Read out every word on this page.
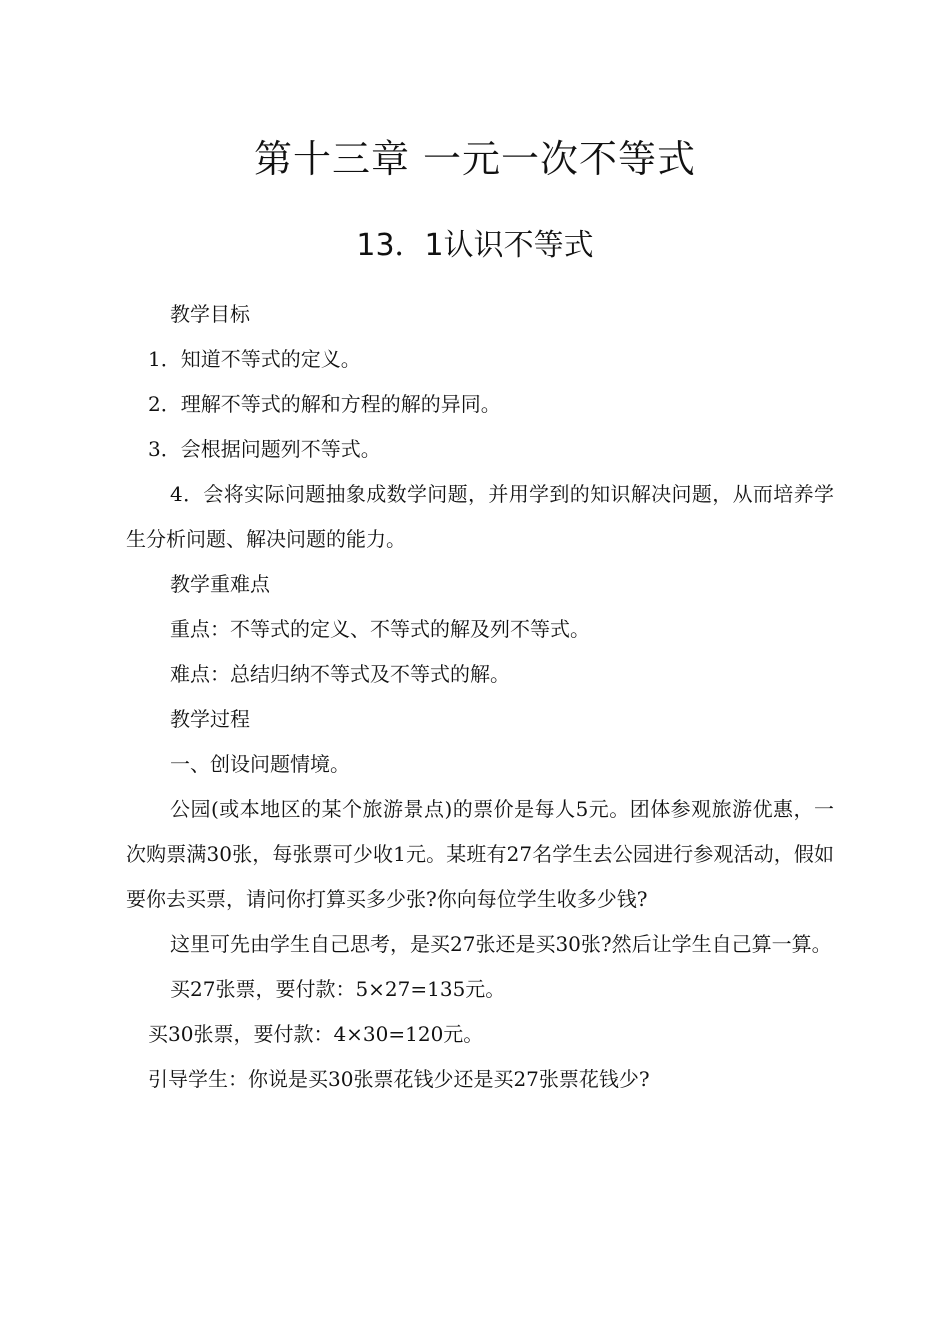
第十三章 一元一次不等式
13．1认识不等式

教学目标

1．知道不等式的定义。

2．理解不等式的解和方程的解的异同。

3．会根据问题列不等式。

4．会将实际问题抽象成数学问题，并用学到的知识解决问题，从而培养学生分析问题、解决问题的能力。

教学重难点

重点：不等式的定义、不等式的解及列不等式。

难点：总结归纳不等式及不等式的解。

教学过程

一、创设问题情境。

公园(或本地区的某个旅游景点)的票价是每人5元。团体参观旅游优惠，一次购票满30张，每张票可少收1元。某班有27名学生去公园进行参观活动，假如要你去买票，请问你打算买多少张?你向每位学生收多少钱?

这里可先由学生自己思考，是买27张还是买30张?然后让学生自己算一算。

买27张票，要付款：5×27=135元。

买30张票，要付款：4×30=120元。

引导学生：你说是买30张票花钱少还是买27张票花钱少?
